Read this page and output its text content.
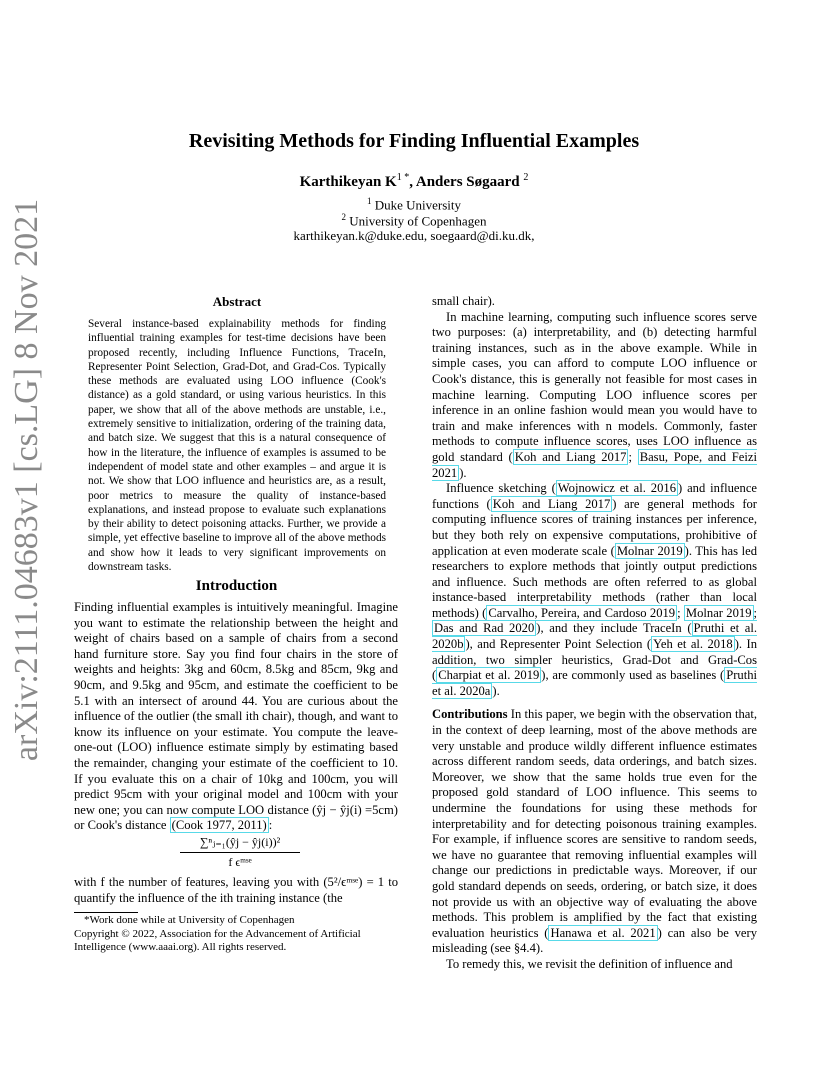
arXiv:2111.04683v1 [cs.LG] 8 Nov 2021
Revisiting Methods for Finding Influential Examples
Karthikeyan $K^{1 *}$, Anders Søgaard $^2$
$^1$ Duke University
$^2$ University of Copenhagen
karthikeyan.k@duke.edu, soegaard@di.ku.dk,
Abstract
Several instance-based explainability methods for finding influential training examples for test-time decisions have been proposed recently, including Influence Functions, TraceIn, Representer Point Selection, Grad-Dot, and Grad-Cos. Typically these methods are evaluated using LOO influence (Cook's distance) as a gold standard, or using various heuristics. In this paper, we show that all of the above methods are unstable, i.e., extremely sensitive to initialization, ordering of the training data, and batch size. We suggest that this is a natural consequence of how in the literature, the influence of examples is assumed to be independent of model state and other examples – and argue it is not. We show that LOO influence and heuristics are, as a result, poor metrics to measure the quality of instance-based explanations, and instead propose to evaluate such explanations by their ability to detect poisoning attacks. Further, we provide a simple, yet effective baseline to improve all of the above methods and show how it leads to very significant improvements on downstream tasks.
Introduction
Finding influential examples is intuitively meaningful. Imagine you want to estimate the relationship between the height and weight of chairs based on a sample of chairs from a second hand furniture store. Say you find four chairs in the store of weights and heights: 3kg and 60cm, 8.5kg and 85cm, 9kg and 90cm, and 9.5kg and 95cm, and estimate the coefficient to be 5.1 with an intersect of around 44. You are curious about the influence of the outlier (the small ith chair), though, and want to know its influence on your estimate. You compute the leave-one-out (LOO) influence estimate simply by estimating based the remainder, changing your estimate of the coefficient to 10. If you evaluate this on a chair of 10kg and 100cm, you will predict 95cm with your original model and 100cm with your new one; you can now compute LOO distance (ŷj − ŷj(i) =5cm) or Cook's distance (Cook 1977, 2011) :
∑ⁿⱼ₌₁(ŷj − ŷj(i))²
f ϵᵐˢᵉ
with f the number of features, leaving you with (5²/ϵᵐˢᵉ) = 1 to quantify the influence of the ith training instance (the

*Work done while at University of Copenhagen

Copyright © 2022, Association for the Advancement of Artificial Intelligence (www.aaai.org). All rights reserved.

small chair).

In machine learning, computing such influence scores serve two purposes: (a) interpretability, and (b) detecting harmful training instances, such as in the above example. While in simple cases, you can afford to compute LOO influence or Cook's distance, this is generally not feasible for most cases in machine learning. Computing LOO influence scores per inference in an online fashion would mean you would have to train and make inferences with n models. Commonly, faster methods to compute influence scores, uses LOO influence as gold standard ( Koh and Liang 2017 ; Basu, Pope, and Feizi 2021 ).

Influence sketching ( Wojnowicz et al. 2016 ) and influence functions ( Koh and Liang 2017 ) are general methods for computing influence scores of training instances per inference, but they both rely on expensive computations, prohibitive of application at even moderate scale ( Molnar 2019 ). This has led researchers to explore methods that jointly output predictions and influence. Such methods are often referred to as global instance-based interpretability methods (rather than local methods) ( Carvalho, Pereira, and Cardoso 2019 ; Molnar 2019 ; Das and Rad 2020 ), and they include TraceIn ( Pruthi et al. 2020b ), and Representer Point Selection ( Yeh et al. 2018 ). In addition, two simpler heuristics, Grad-Dot and Grad-Cos ( Charpiat et al. 2019 ), are commonly used as baselines ( Pruthi et al. 2020a ).

Contributions In this paper, we begin with the observation that, in the context of deep learning, most of the above methods are very unstable and produce wildly different influence estimates across different random seeds, data orderings, and batch sizes. Moreover, we show that the same holds true even for the proposed gold standard of LOO influence. This seems to undermine the foundations for using these methods for interpretability and for detecting poisonous training examples. For example, if influence scores are sensitive to random seeds, we have no guarantee that removing influential examples will change our predictions in predictable ways. Moreover, if our gold standard depends on seeds, ordering, or batch size, it does not provide us with an objective way of evaluating the above methods. This problem is amplified by the fact that existing evaluation heuristics ( Hanawa et al. 2021 ) can also be very misleading (see §4.4).

To remedy this, we revisit the definition of influence and
